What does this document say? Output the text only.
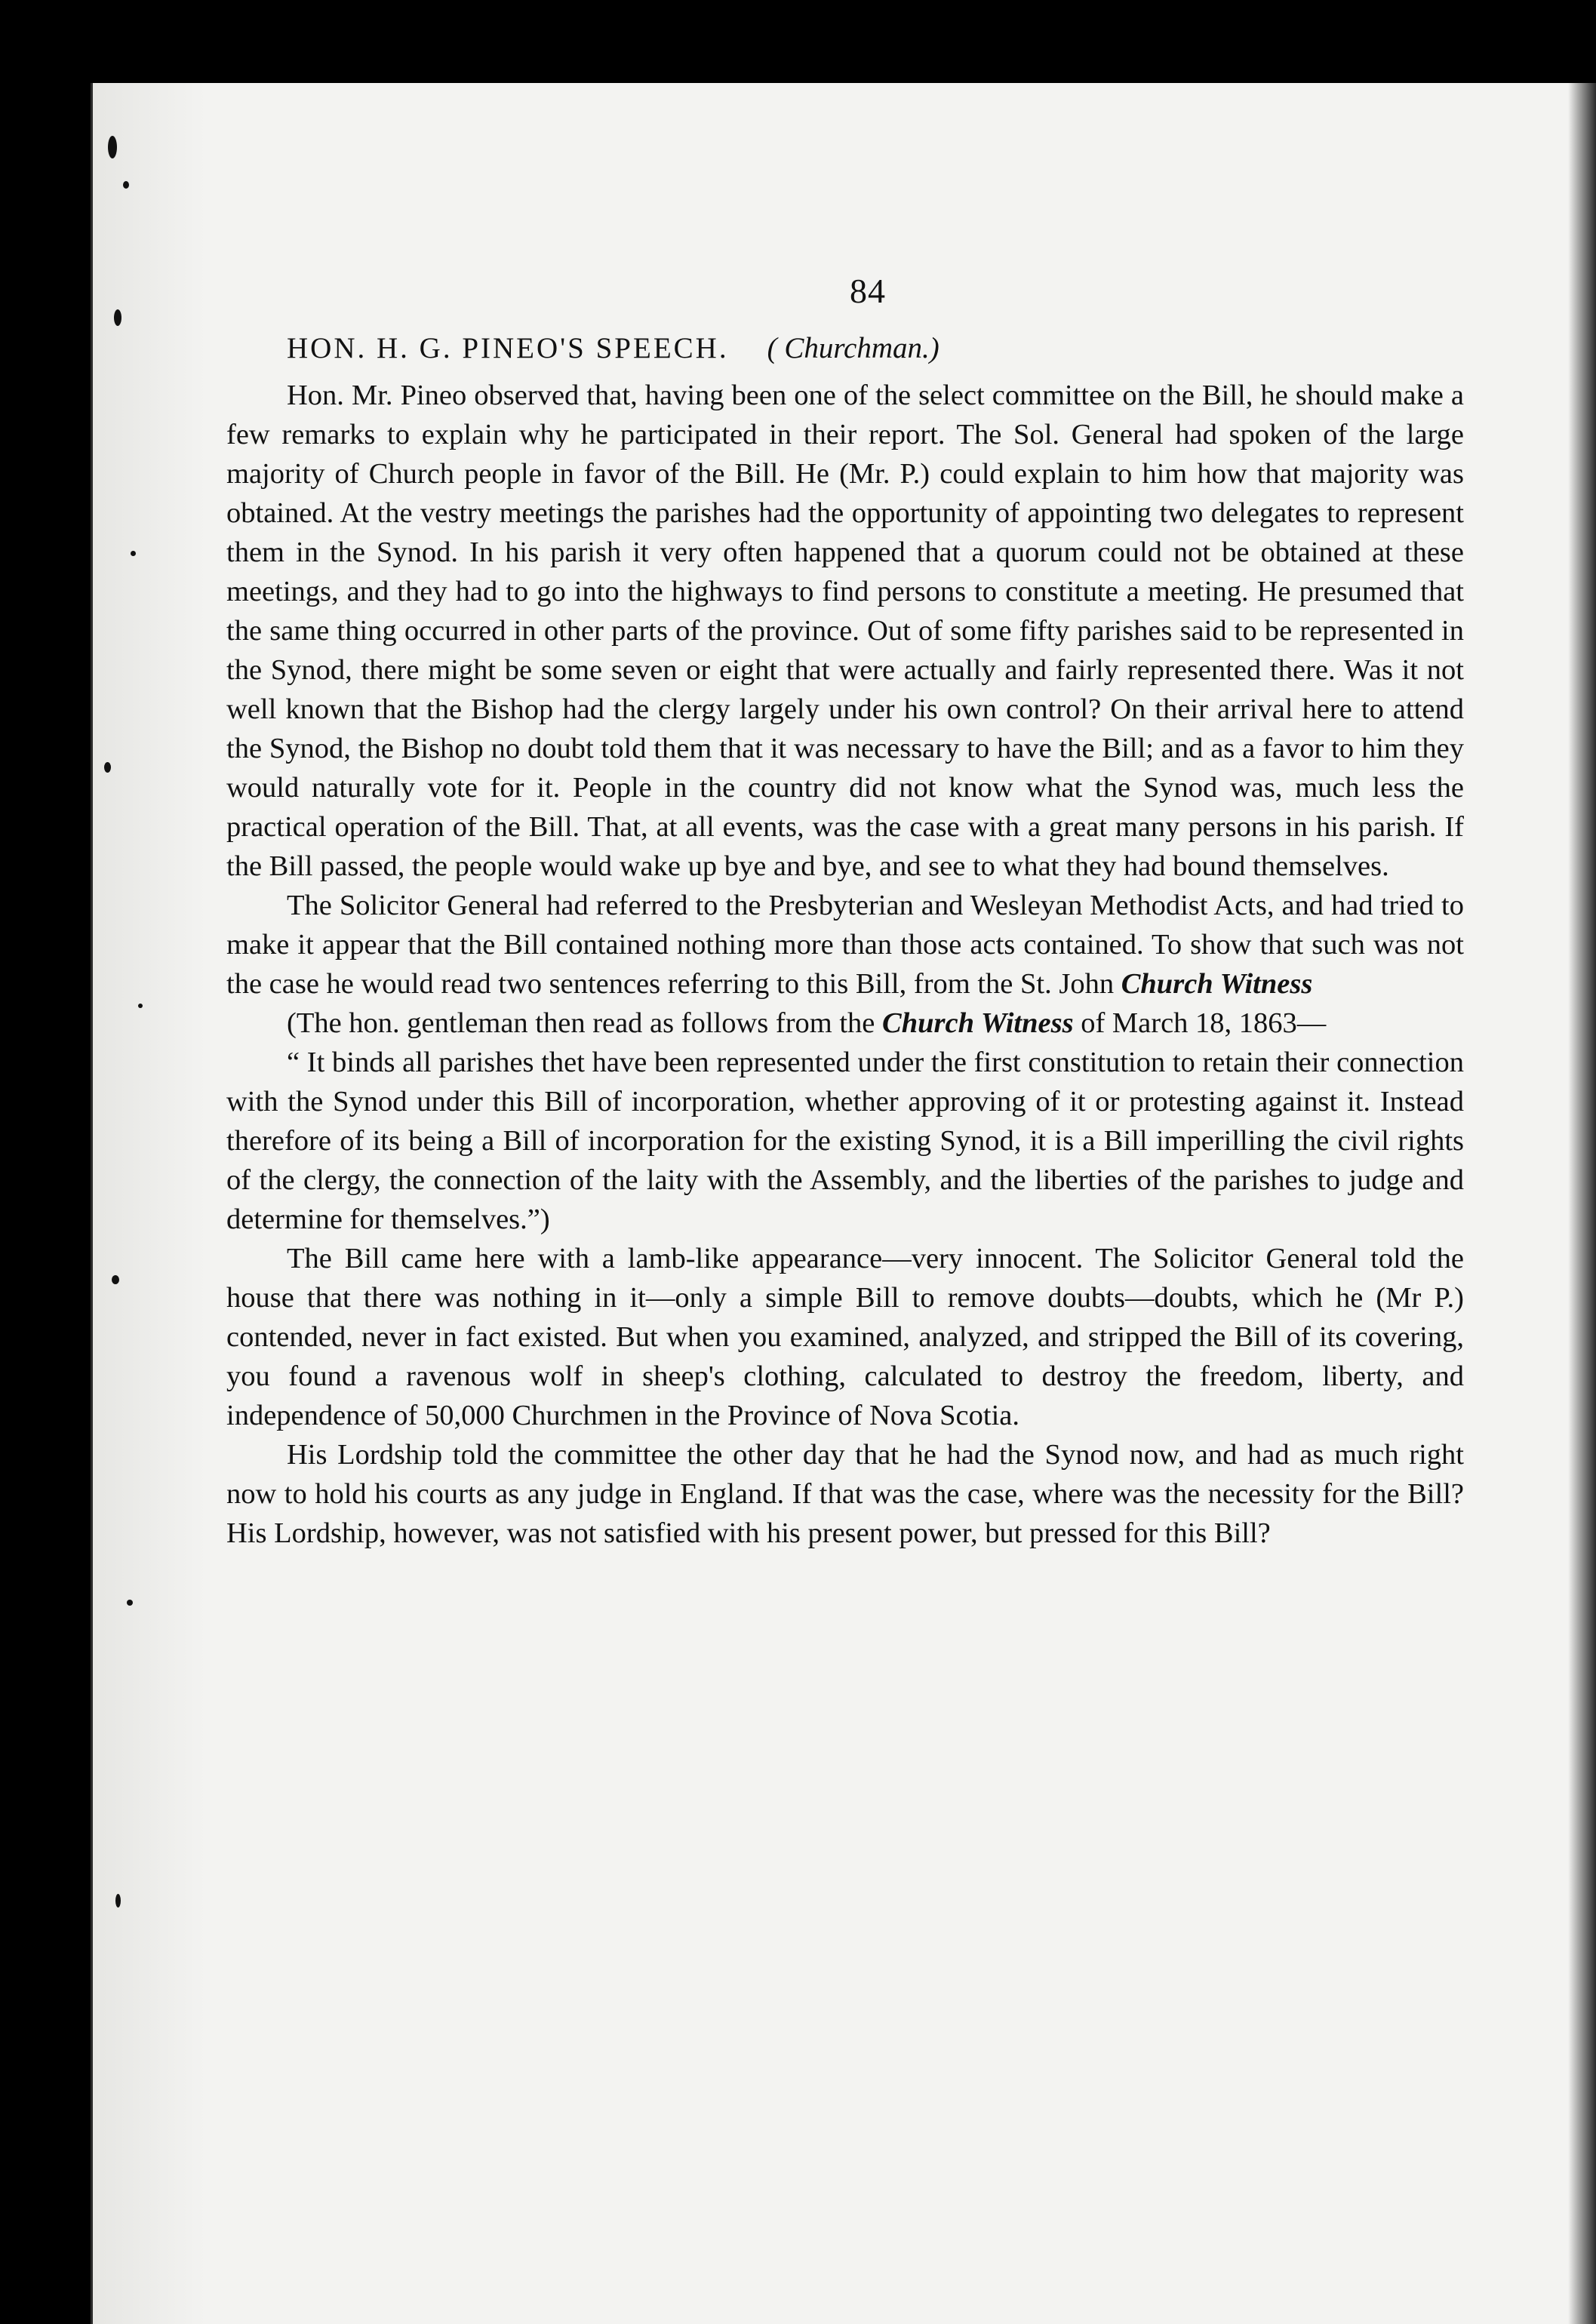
84
HON. H. G. PINEO'S SPEECH. ( Churchman.)

Hon. Mr. Pineo observed that, having been one of the select committee on the Bill, he should make a few remarks to explain why he participated in their report. The Sol. General had spoken of the large majority of Church people in favor of the Bill. He (Mr. P.) could explain to him how that majority was obtained. At the vestry meetings the parishes had the opportunity of appointing two delegates to represent them in the Synod. In his parish it very often happened that a quorum could not be obtained at these meetings, and they had to go into the highways to find persons to constitute a meeting. He presumed that the same thing occurred in other parts of the province. Out of some fifty parishes said to be represented in the Synod, there might be some seven or eight that were actually and fairly represented there. Was it not well known that the Bishop had the clergy largely under his own control? On their arrival here to attend the Synod, the Bishop no doubt told them that it was necessary to have the Bill; and as a favor to him they would naturally vote for it. People in the country did not know what the Synod was, much less the practical operation of the Bill. That, at all events, was the case with a great many persons in his parish. If the Bill passed, the people would wake up bye and bye, and see to what they had bound themselves.

The Solicitor General had referred to the Presbyterian and Wesleyan Methodist Acts, and had tried to make it appear that the Bill contained nothing more than those acts contained. To show that such was not the case he would read two sentences referring to this Bill, from the St. John Church Witness

(The hon. gentleman then read as follows from the Church Witness of March 18, 1863—

“ It binds all parishes thet have been represented under the first constitution to retain their connection with the Synod under this Bill of incorporation, whether approving of it or protesting against it. Instead therefore of its being a Bill of incorporation for the existing Synod, it is a Bill imperilling the civil rights of the clergy, the connection of the laity with the Assembly, and the liberties of the parishes to judge and determine for themselves.”)

The Bill came here with a lamb-like appearance—very innocent. The Solicitor General told the house that there was nothing in it—only a simple Bill to remove doubts—doubts, which he (Mr P.) contended, never in fact existed. But when you examined, analyzed, and stripped the Bill of its covering, you found a ravenous wolf in sheep's clothing, calculated to destroy the freedom, liberty, and independence of 50,000 Churchmen in the Province of Nova Scotia.

His Lordship told the committee the other day that he had the Synod now, and had as much right now to hold his courts as any judge in England. If that was the case, where was the necessity for the Bill? His Lordship, however, was not satisfied with his present power, but pressed for this Bill?
